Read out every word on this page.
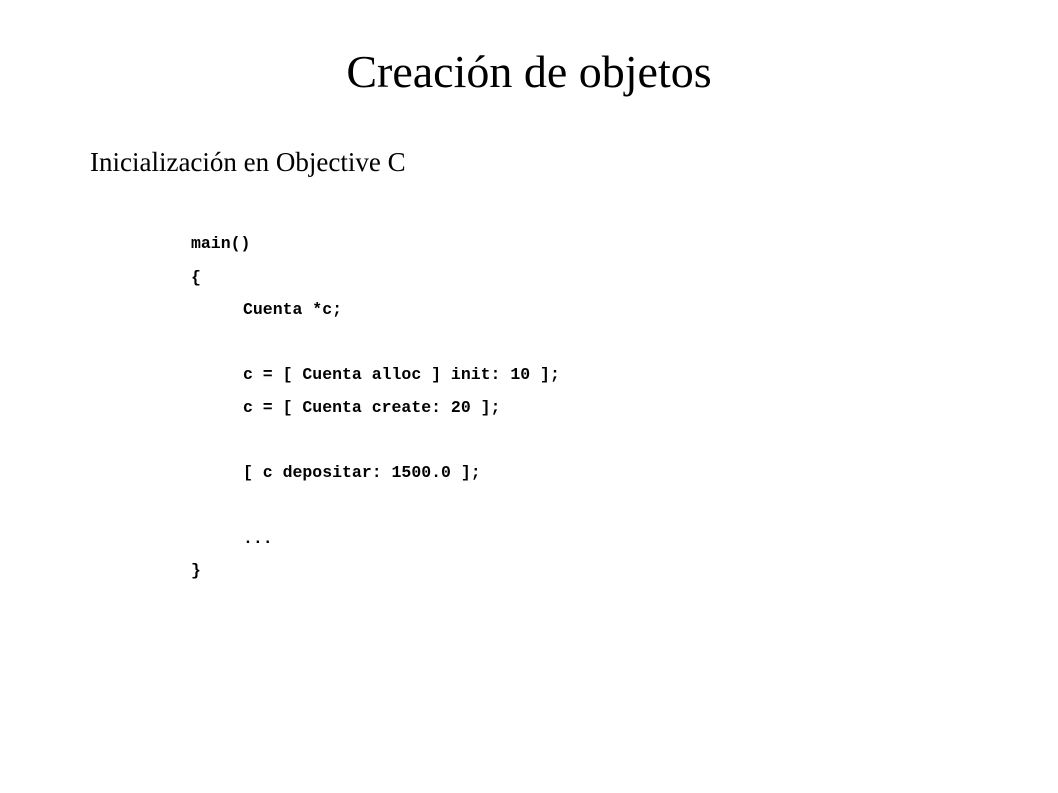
Creación de objetos
Inicialización en Objective C
main()
{
Cuenta *c;
c = [ Cuenta alloc ] init: 10 ];
c = [ Cuenta create: 20 ];
[ c depositar: 1500.0 ];
...
}
